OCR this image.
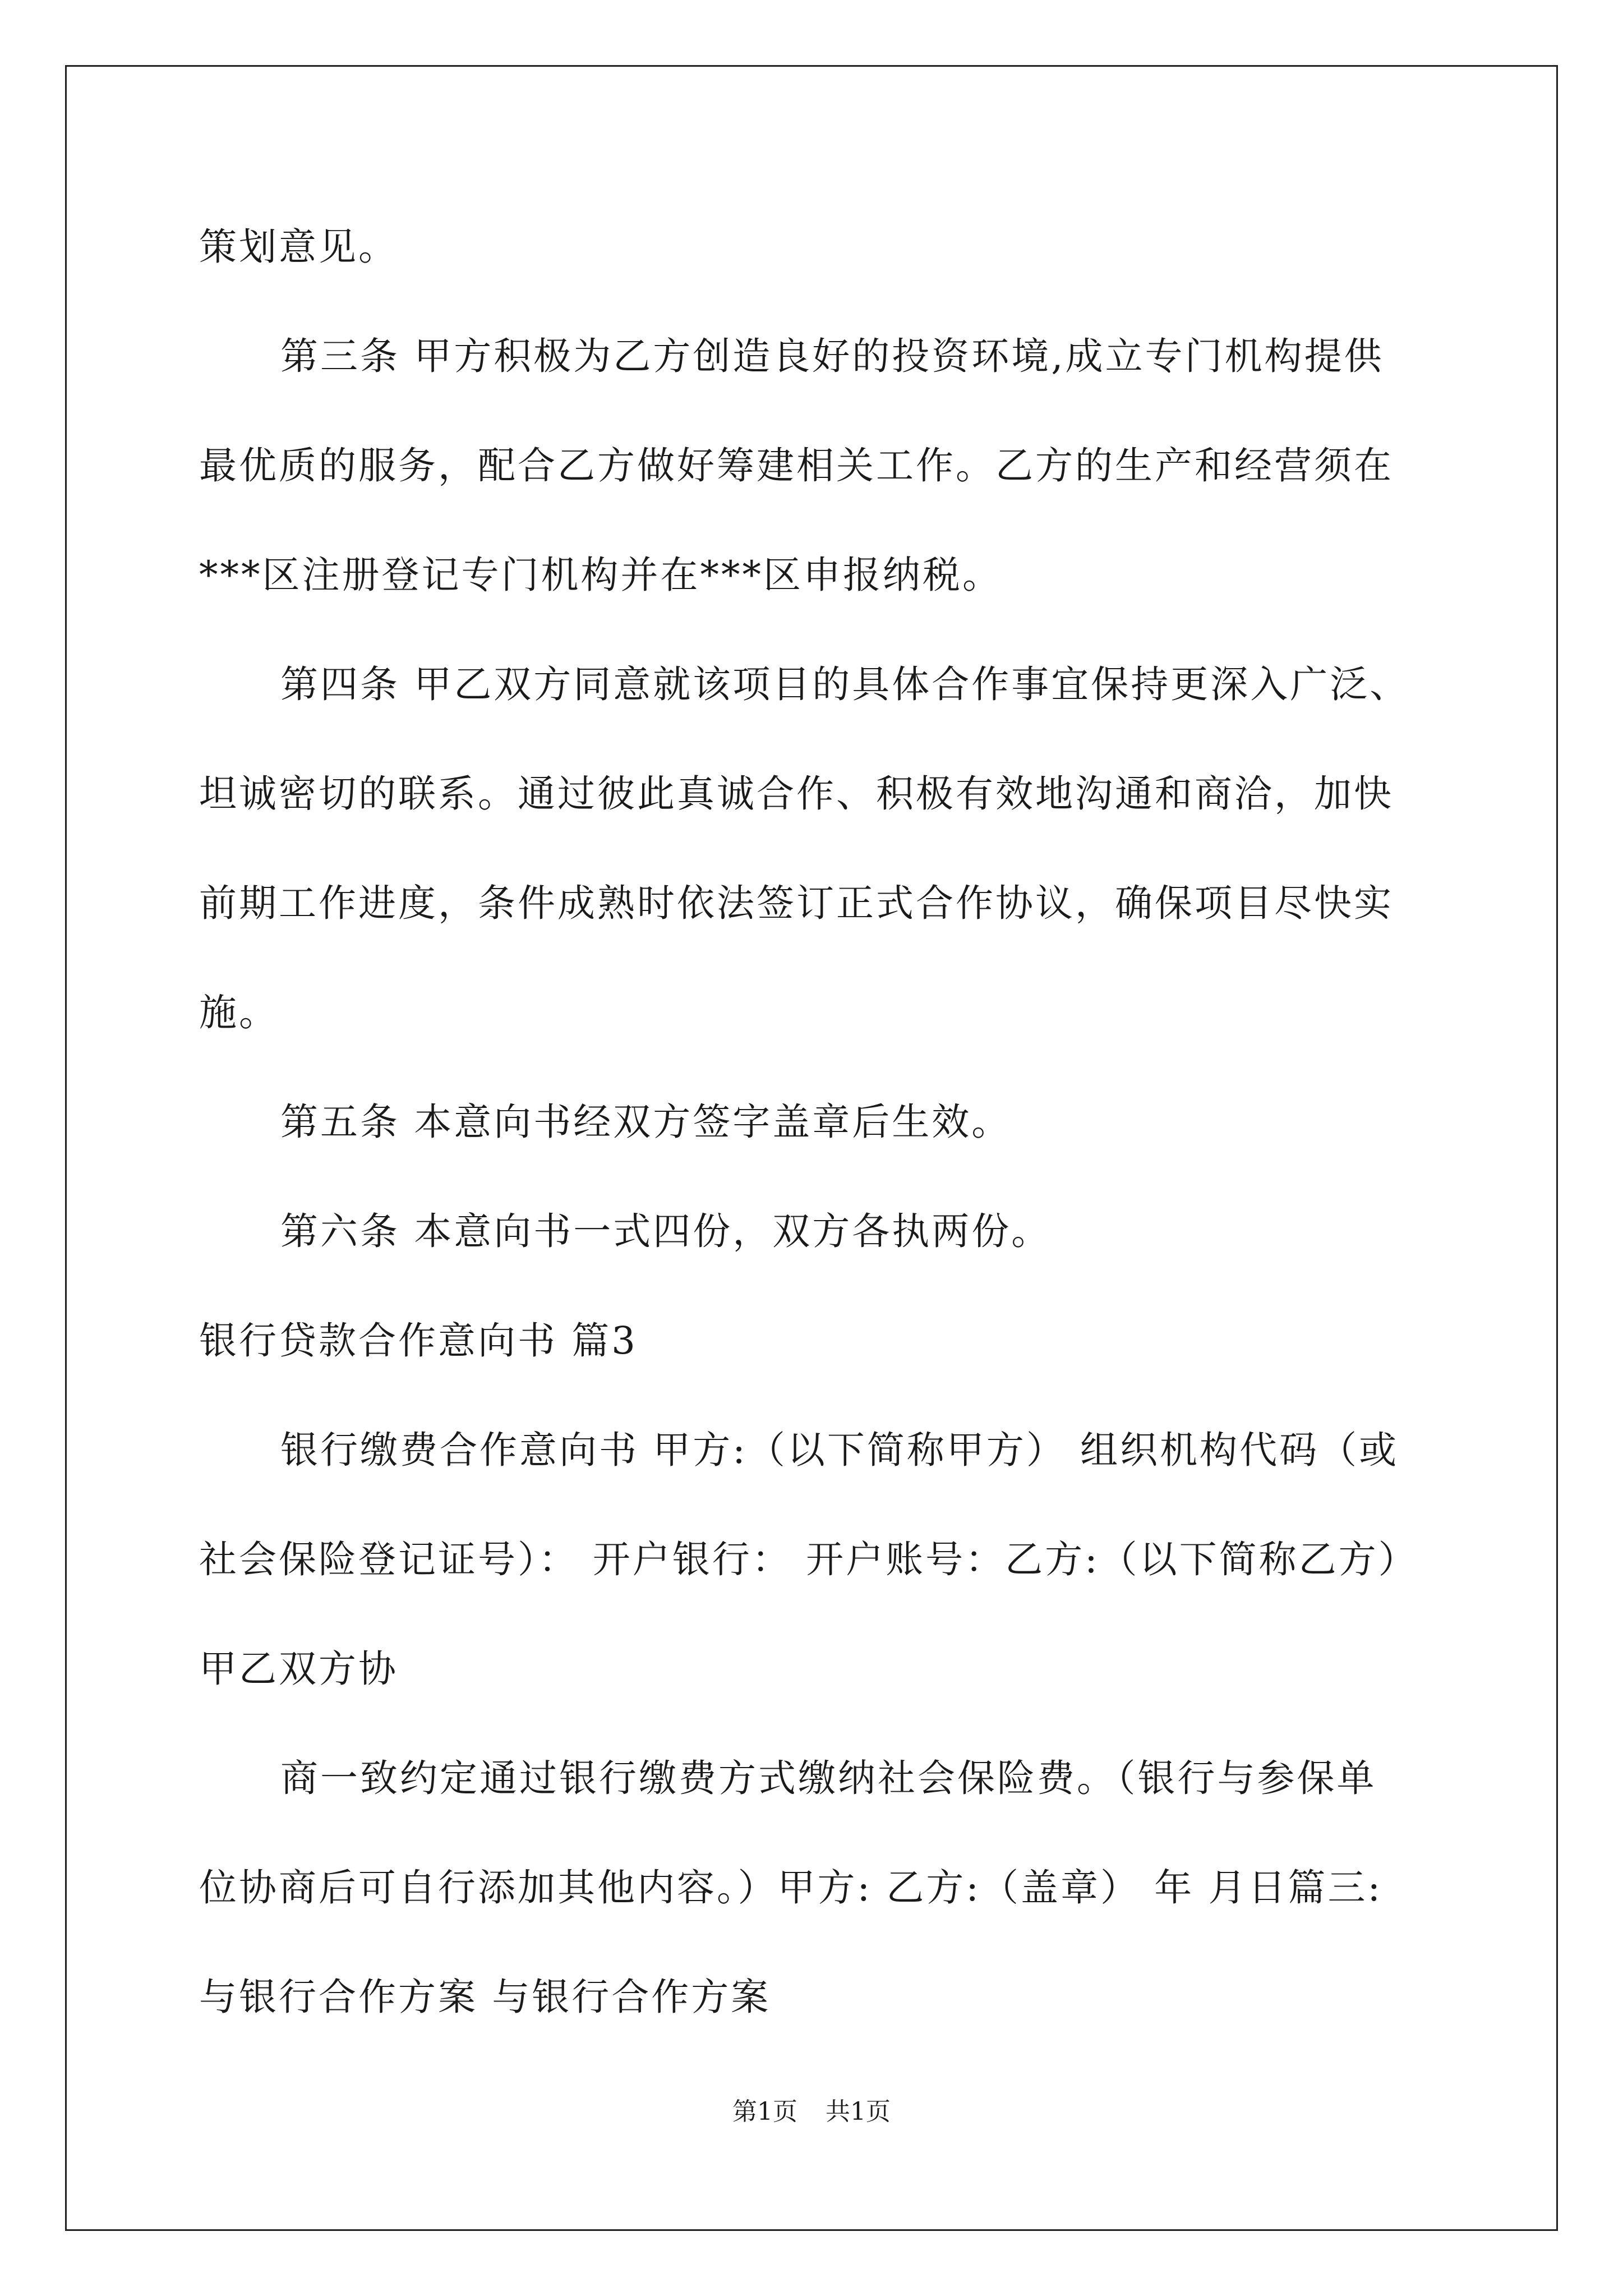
策划意见。
第三条 甲方积极为乙方创造良好的投资环境,成立专门机构提供
最优质的服务，配合乙方做好筹建相关工作。乙方的生产和经营须在
***区注册登记专门机构并在***区申报纳税。
第四条 甲乙双方同意就该项目的具体合作事宜保持更深入广泛、
坦诚密切的联系。通过彼此真诚合作、积极有效地沟通和商洽，加快
前期工作进度，条件成熟时依法签订正式合作协议，确保项目尽快实
施。
第五条 本意向书经双方签字盖章后生效。
第六条 本意向书一式四份，双方各执两份。
银行贷款合作意向书 篇3
银行缴费合作意向书 甲方:（以下简称甲方） 组织机构代码（或
社会保险登记证号）： 开户银行： 开户账号：乙方:（以下简称乙方）
甲乙双方协
商一致约定通过银行缴费方式缴纳社会保险费。（银行与参保单
位协商后可自行添加其他内容。）甲方: 乙方:（盖章） 年 月日篇三:
与银行合作方案 与银行合作方案
第1页 共1页
